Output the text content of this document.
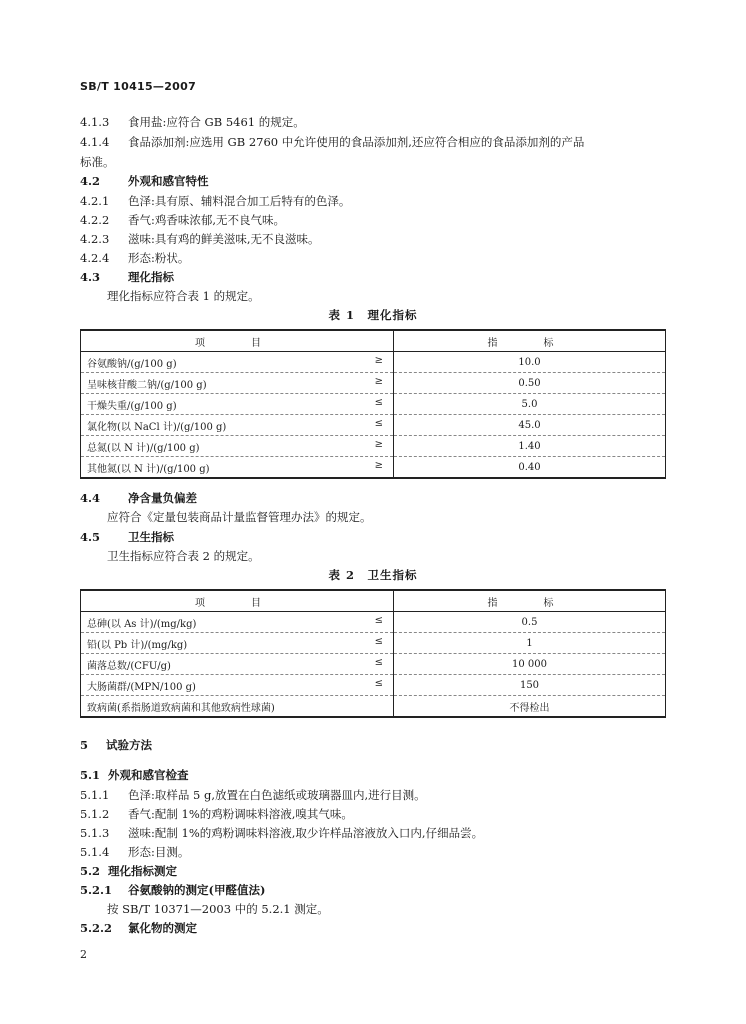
SB/T 10415—2007
4.1.3 食用盐:应符合 GB 5461 的规定。
4.1.4 食品添加剂:应选用 GB 2760 中允许使用的食品添加剂,还应符合相应的食品添加剂的产品
标准。
4.2 外观和感官特性
4.2.1 色泽:具有原、辅料混合加工后特有的色泽。
4.2.2 香气:鸡香味浓郁,无不良气味。
4.2.3 滋味:具有鸡的鲜美滋味,无不良滋味。
4.2.4 形态:粉状。
4.3 理化指标
理化指标应符合表 1 的规定。
表 1　理化指标
项　目	指　标
谷氨酸钠/(g/100 g) ≥	10.0
呈味核苷酸二钠/(g/100 g) ≥	0.50
干燥失重/(g/100 g) ≤	5.0
氯化物(以 NaCl 计)/(g/100 g) ≤	45.0
总氮(以 N 计)/(g/100 g) ≥	1.40
其他氮(以 N 计)/(g/100 g) ≥	0.40
4.4 净含量负偏差
应符合《定量包装商品计量监督管理办法》的规定。
4.5 卫生指标
卫生指标应符合表 2 的规定。
表 2　卫生指标
项　目	指　标
总砷(以 As 计)/(mg/kg) ≤	0.5
铅(以 Pb 计)/(mg/kg) ≤	1
菌落总数/(CFU/g) ≤	10 000
大肠菌群/(MPN/100 g) ≤	150
致病菌(系指肠道致病菌和其他致病性球菌)	不得检出
5 试验方法
5.1 外观和感官检查
5.1.1 色泽:取样品 5 g,放置在白色滤纸或玻璃器皿内,进行目测。
5.1.2 香气:配制 1%的鸡粉调味料溶液,嗅其气味。
5.1.3 滋味:配制 1%的鸡粉调味料溶液,取少许样品溶液放入口内,仔细品尝。
5.1.4 形态:目测。
5.2 理化指标测定
5.2.1 谷氨酸钠的测定(甲醛值法)
按 SB/T 10371—2003 中的 5.2.1 测定。
5.2.2 氯化物的测定
2
